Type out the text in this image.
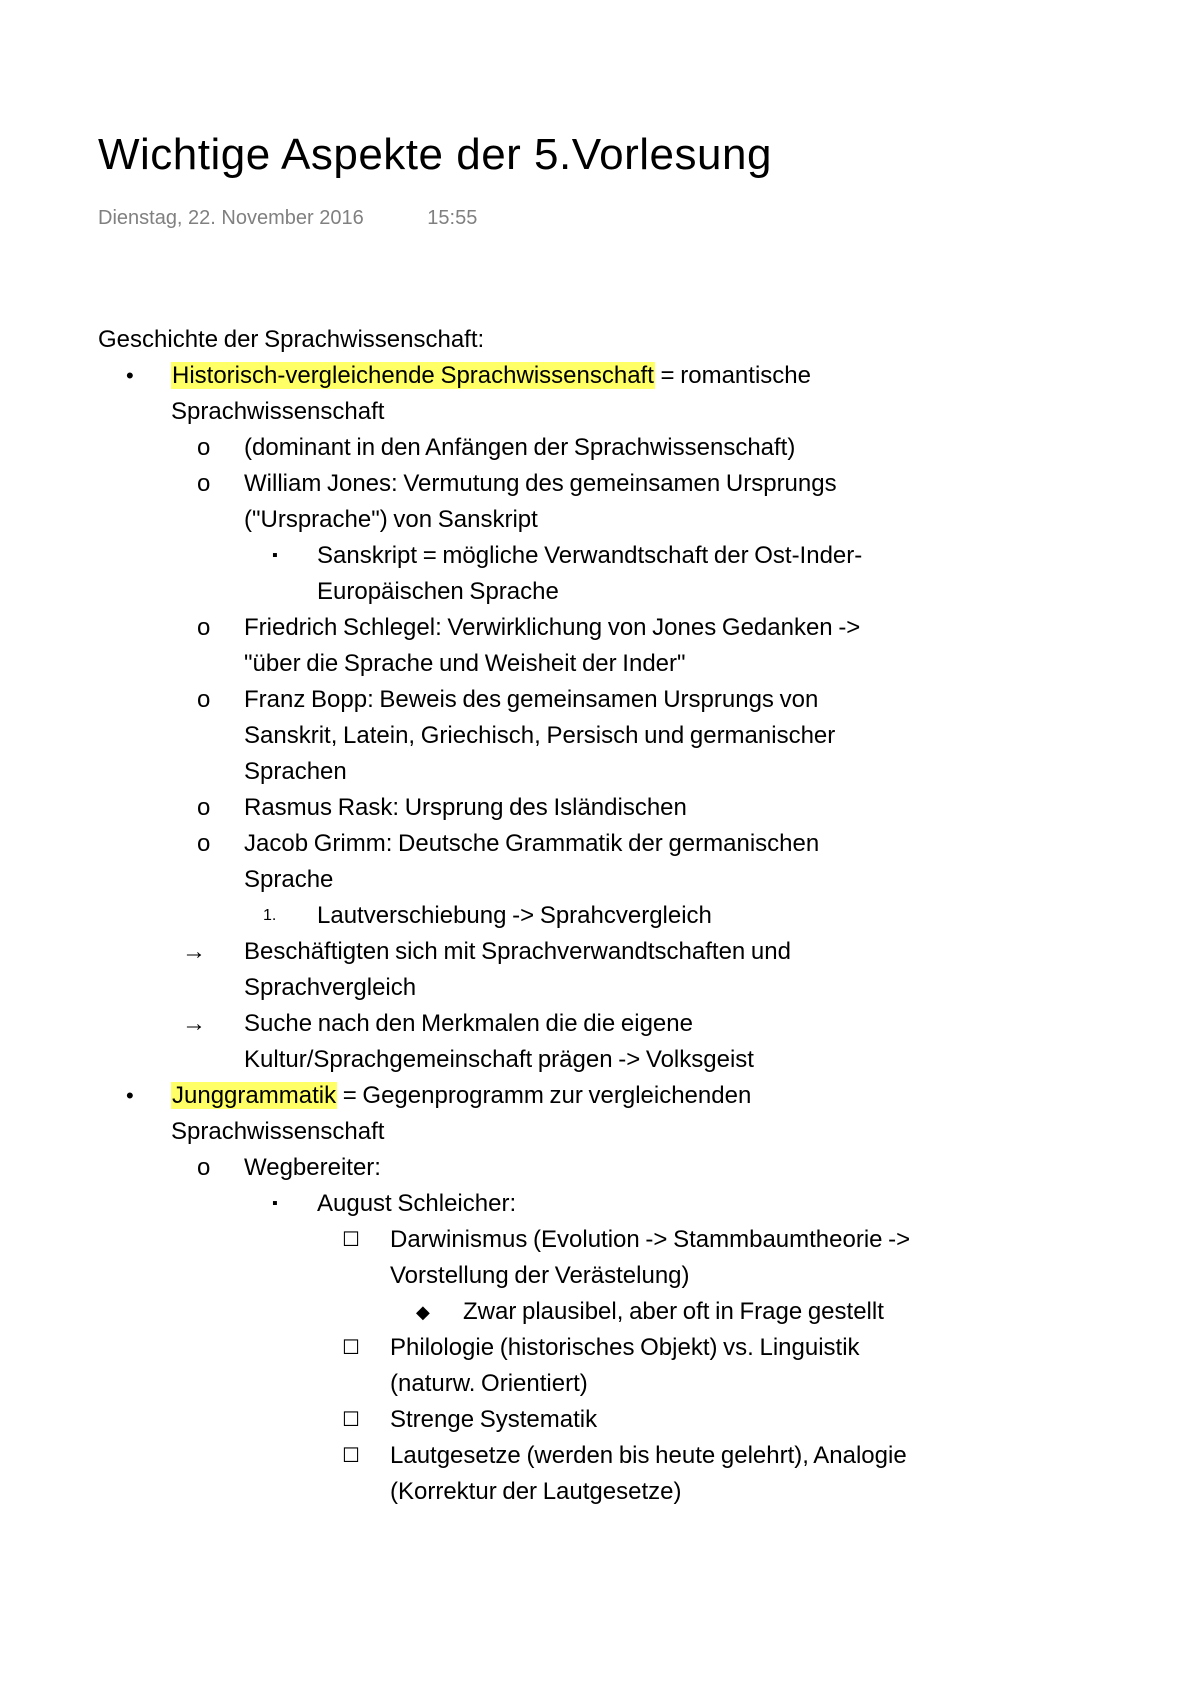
Wichtige Aspekte der 5.Vorlesung
Dienstag, 22. November 2016	15:55
Geschichte der Sprachwissenschaft:
• Historisch-vergleichende Sprachwissenschaft = romantische
Sprachwissenschaft
o (dominant in den Anfängen der Sprachwissenschaft)
o William Jones: Vermutung des gemeinsamen Ursprungs
("Ursprache") von Sanskript
▪ Sanskript = mögliche Verwandtschaft der Ost-Inder-
Europäischen Sprache
o Friedrich Schlegel: Verwirklichung von Jones Gedanken ->
"über die Sprache und Weisheit der Inder"
o Franz Bopp: Beweis des gemeinsamen Ursprungs von
Sanskrit, Latein, Griechisch, Persisch und germanischer
Sprachen
o Rasmus Rask: Ursprung des Isländischen
o Jacob Grimm: Deutsche Grammatik der germanischen
Sprache
1. Lautverschiebung -> Sprahcvergleich
→ Beschäftigten sich mit Sprachverwandtschaften und
Sprachvergleich
→ Suche nach den Merkmalen die die eigene
Kultur/Sprachgemeinschaft prägen -> Volksgeist
• Junggrammatik = Gegenprogramm zur vergleichenden
Sprachwissenschaft
o Wegbereiter:
▪ August Schleicher:
☐ Darwinismus (Evolution -> Stammbaumtheorie ->
Vorstellung der Verästelung)
◆ Zwar plausibel, aber oft in Frage gestellt
☐ Philologie (historisches Objekt) vs. Linguistik
(naturw. Orientiert)
☐ Strenge Systematik
☐ Lautgesetze (werden bis heute gelehrt), Analogie
(Korrektur der Lautgesetze)
